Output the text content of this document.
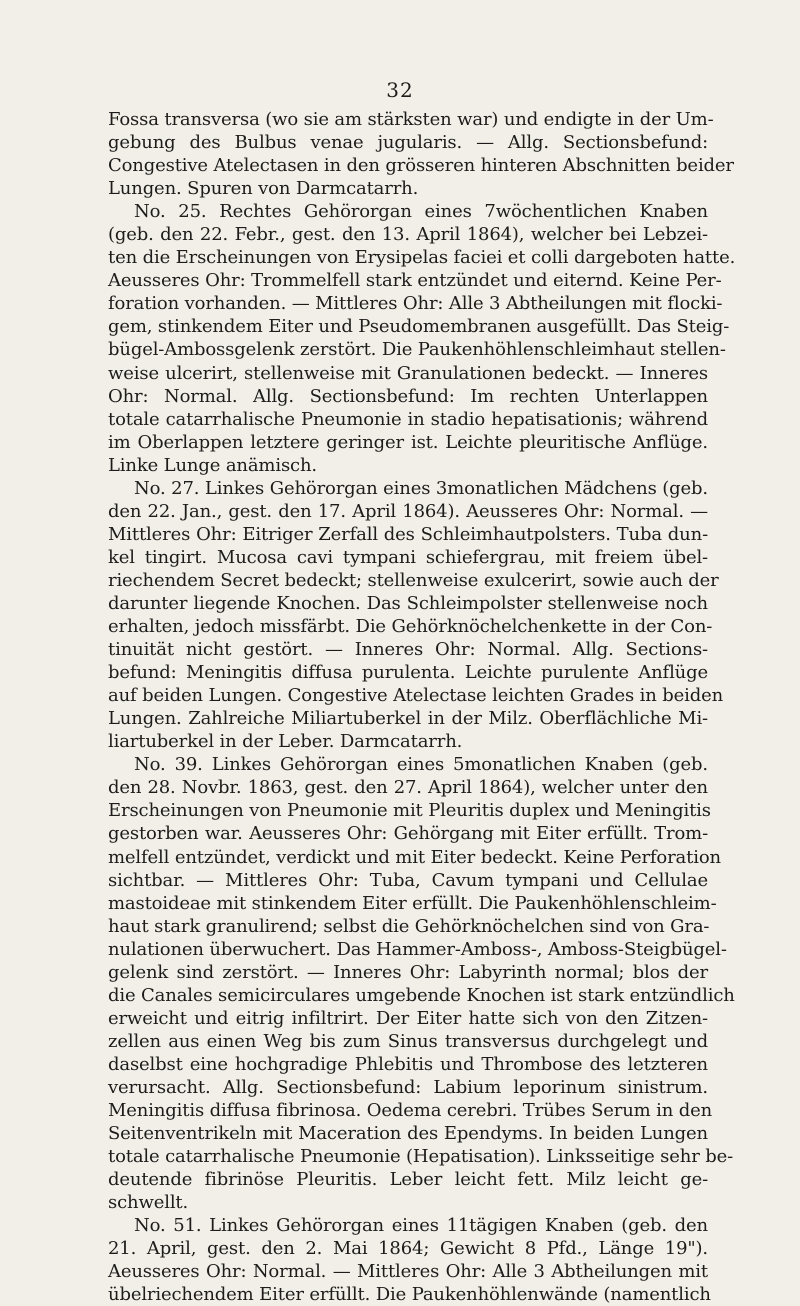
32
Fossa transversa (wo sie am stärksten war) und endigte in der Um-
gebung des Bulbus venae jugularis. — Allg. Sectionsbefund:
Congestive Atelectasen in den grösseren hinteren Abschnitten beider
Lungen. Spuren von Darmcatarrh.
No. 25. Rechtes Gehörorgan eines 7wöchentlichen Knaben
(geb. den 22. Febr., gest. den 13. April 1864), welcher bei Lebzei-
ten die Erscheinungen von Erysipelas faciei et colli dargeboten hatte.
Aeusseres Ohr: Trommelfell stark entzündet und eiternd. Keine Per-
foration vorhanden. — Mittleres Ohr: Alle 3 Abtheilungen mit flocki-
gem, stinkendem Eiter und Pseudomembranen ausgefüllt. Das Steig-
bügel-Ambossgelenk zerstört. Die Paukenhöhlenschleimhaut stellen-
weise ulcerirt, stellenweise mit Granulationen bedeckt. — Inneres
Ohr: Normal. Allg. Sectionsbefund: Im rechten Unterlappen
totale catarrhalische Pneumonie in stadio hepatisationis; während
im Oberlappen letztere geringer ist. Leichte pleuritische Anflüge.
Linke Lunge anämisch.
No. 27. Linkes Gehörorgan eines 3monatlichen Mädchens (geb.
den 22. Jan., gest. den 17. April 1864). Aeusseres Ohr: Normal. —
Mittleres Ohr: Eitriger Zerfall des Schleimhautpolsters. Tuba dun-
kel tingirt. Mucosa cavi tympani schiefergrau, mit freiem übel-
riechendem Secret bedeckt; stellenweise exulcerirt, sowie auch der
darunter liegende Knochen. Das Schleimpolster stellenweise noch
erhalten, jedoch missfärbt. Die Gehörknöchelchenkette in der Con-
tinuität nicht gestört. — Inneres Ohr: Normal. Allg. Sections-
befund: Meningitis diffusa purulenta. Leichte purulente Anflüge
auf beiden Lungen. Congestive Atelectase leichten Grades in beiden
Lungen. Zahlreiche Miliartuberkel in der Milz. Oberflächliche Mi-
liartuberkel in der Leber. Darmcatarrh.
No. 39. Linkes Gehörorgan eines 5monatlichen Knaben (geb.
den 28. Novbr. 1863, gest. den 27. April 1864), welcher unter den
Erscheinungen von Pneumonie mit Pleuritis duplex und Meningitis
gestorben war. Aeusseres Ohr: Gehörgang mit Eiter erfüllt. Trom-
melfell entzündet, verdickt und mit Eiter bedeckt. Keine Perforation
sichtbar. — Mittleres Ohr: Tuba, Cavum tympani und Cellulae
mastoideae mit stinkendem Eiter erfüllt. Die Paukenhöhlenschleim-
haut stark granulirend; selbst die Gehörknöchelchen sind von Gra-
nulationen überwuchert. Das Hammer-Amboss-, Amboss-Steigbügel-
gelenk sind zerstört. — Inneres Ohr: Labyrinth normal; blos der
die Canales semicirculares umgebende Knochen ist stark entzündlich
erweicht und eitrig infiltrirt. Der Eiter hatte sich von den Zitzen-
zellen aus einen Weg bis zum Sinus transversus durchgelegt und
daselbst eine hochgradige Phlebitis und Thrombose des letzteren
verursacht. Allg. Sectionsbefund: Labium leporinum sinistrum.
Meningitis diffusa fibrinosa. Oedema cerebri. Trübes Serum in den
Seitenventrikeln mit Maceration des Ependyms. In beiden Lungen
totale catarrhalische Pneumonie (Hepatisation). Linksseitige sehr be-
deutende fibrinöse Pleuritis. Leber leicht fett. Milz leicht ge-
schwellt.
No. 51. Linkes Gehörorgan eines 11tägigen Knaben (geb. den
21. April, gest. den 2. Mai 1864; Gewicht 8 Pfd., Länge 19").
Aeusseres Ohr: Normal. — Mittleres Ohr: Alle 3 Abtheilungen mit
übelriechendem Eiter erfüllt. Die Paukenhöhlenwände (namentlich
